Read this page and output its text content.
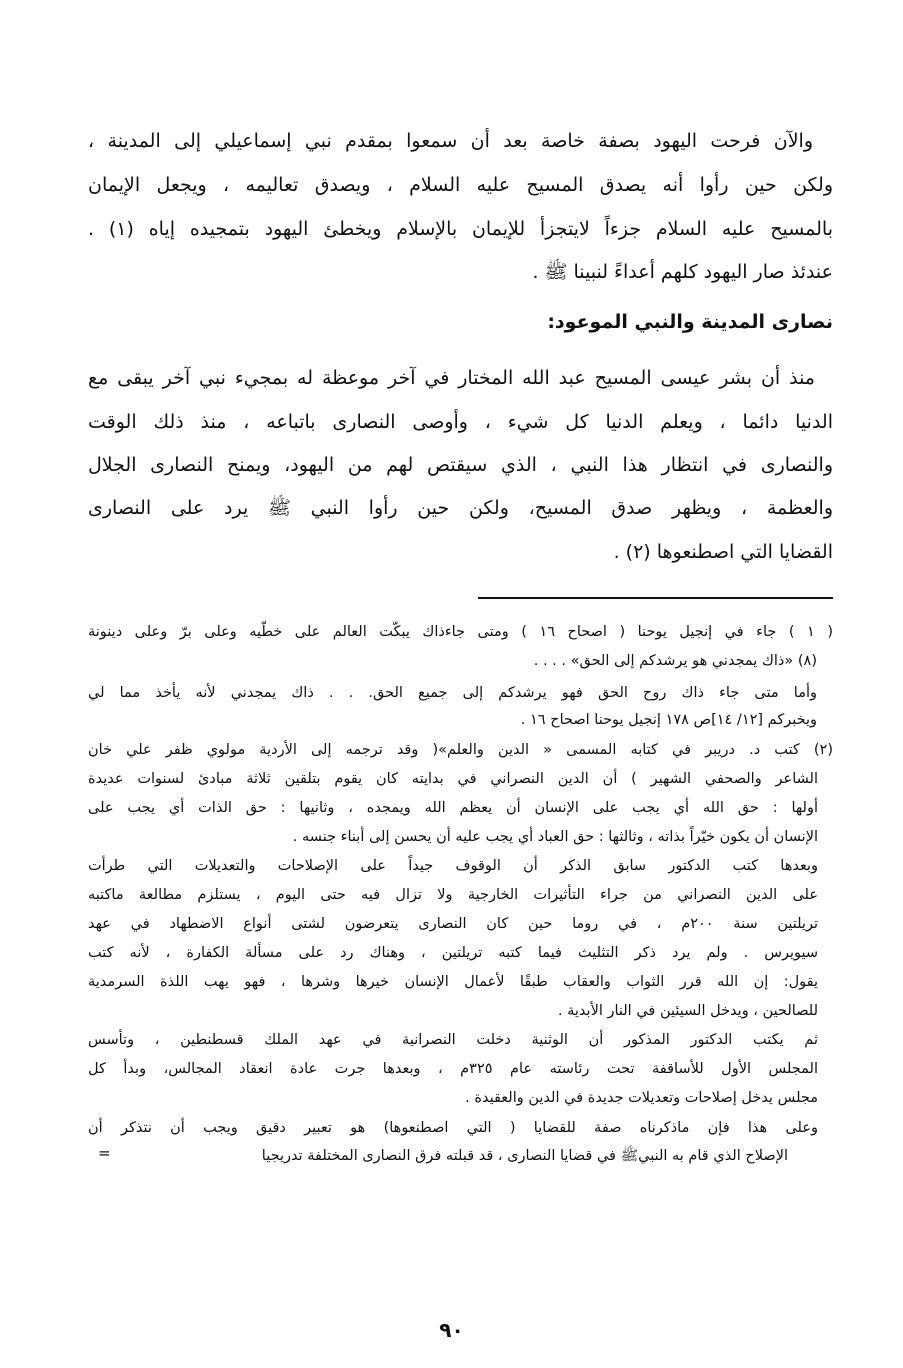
والآن فرحت اليهود بصفة خاصة بعد أن سمعوا بمقدم نبي إسماعيلي إلى المدينة ،
ولكن حين رأوا أنه يصدق المسيح عليه السلام ، ويصدق تعاليمه ، ويجعل الإيمان
بالمسيح عليه السلام جزءاً لايتجزأ للإيمان بالإسلام ويخطئ اليهود بتمجيده إياه (١) .
عندئذ صار اليهود كلهم أعداءً لنبينا ﷺ .
نصارى المدينة والنبي الموعود:
منذ أن بشر عيسى المسيح عبد الله المختار في آخر موعظة له بمجيء نبي آخر يبقى مع
الدنيا دائما ، ويعلم الدنيا كل شيء ، وأوصى النصارى باتباعه ، منذ ذلك الوقت
والنصارى في انتظار هذا النبي ، الذي سيقتص لهم من اليهود، ويمنح النصارى الجلال
والعظمة ، ويظهر صدق المسيح، ولكن حين رأوا النبي ﷺ يرد على النصارى
القضايا التي اصطنعوها (٢) .
( ١ ) جاء في إنجيل يوحنا ( اصحاح ١٦ ) ومتى جاءذاك يبكّت العالم على خطّيه وعلى برّ وعلى دينونة
(٨) «ذاك يمجدني هو يرشدكم إلى الحق» . . . .
وأما متى جاء ذاك روح الحق فهو يرشدكم إلى جميع الحق. . . ذاك يمجدني لأنه يأخذ مما لي
ويخبركم [١٢/ ١٤]ص ١٧٨ إنجيل يوحنا اصحاح ١٦ .
(٢) كتب د. دريبر في كتابه المسمى « الدين والعلم»( وقد ترجمه إلى الأردية مولوي ظفر علي خان
الشاعر والصحفي الشهير ) أن الدين النصراني في بدايته كان يقوم بتلقين ثلاثة مبادئ لسنوات عديدة
أولها : حق الله أي يجب على الإنسان أن يعظم الله ويمجده ، وثانيها : حق الذات أي يجب على
الإنسان أن يكون خيّراً بذاته ، وثالثها : حق العباد أي يجب عليه أن يحسن إلى أبناء جنسه .
وبعدها كتب الدكتور سابق الذكر أن الوقوف جيداً على الإصلاحات والتعديلات التي طرأت
على الدين النصراني من جراء التأثيرات الخارجية ولا تزال فيه حتى اليوم ، يستلزم مطالعة ماكتبه
تريلتين سنة ٢٠٠م ، في روما حين كان النصارى يتعرضون لشتى أنواع الاضطهاد في عهد
سيويرس . ولم يرد ذكر التثليث فيما كتبه تريلتين ، وهناك رد على مسألة الكفارة ، لأنه كتب
يقول: إن الله قرر الثواب والعقاب طبقًا لأعمال الإنسان خيرها وشرها ، فهو يهب اللذة السرمدية
للصالحين ، ويدخل السيئين في النار الأبدية .
ثم يكتب الدكتور المذكور أن الوثنية دخلت النصرانية في عهد الملك قسطنطين ، وتأسس
المجلس الأول للأساقفة تحت رئاسته عام ٣٢٥م ، وبعدها جرت عادة انعقاد المجالس، وبدأ كل
مجلس يدخل إصلاحات وتعديلات جديدة في الدين والعقيدة .
وعلى هذا فإن ماذكرناه صفة للقضايا ( التي اصطنعوها) هو تعبير دقيق ويجب أن نتذكر أن
الإصلاح الذي قام به النبيﷺ في قضايا النصارى ، قد قبلته فرق النصارى المختلفة تدريجيا
=
٩٠
